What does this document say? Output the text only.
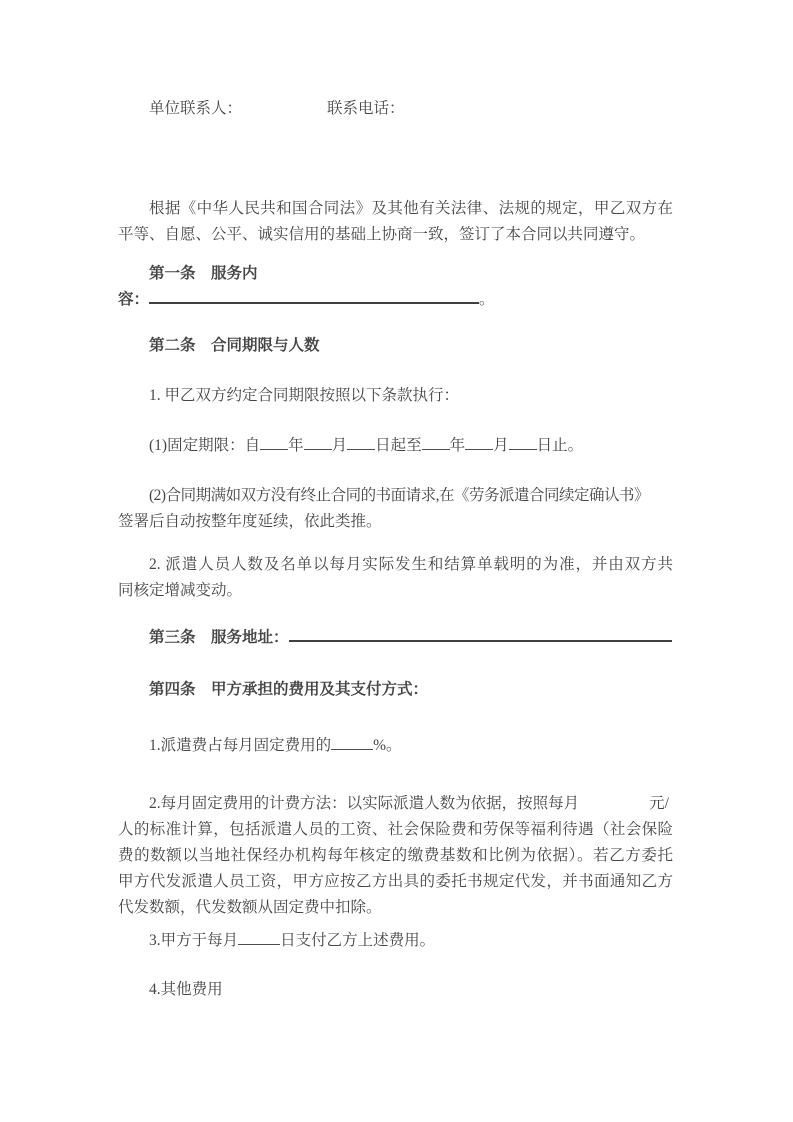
单位联系人：	联系电话：
根据《中华人民共和国合同法》及其他有关法律、法规的规定，甲乙双方在
平等、自愿、公平、诚实信用的基础上协商一致，签订了本合同以共同遵守。
第一条　服务内
容：	。
第二条　合同期限与人数
1. 甲乙双方约定合同期限按照以下条款执行：
(1)固定期限：自 年 月 日起至 年 月 日止。
(2)合同期满如双方没有终止合同的书面请求,在《劳务派遣合同续定确认书》
签署后自动按整年度延续，依此类推。
2. 派遣人员人数及名单以每月实际发生和结算单载明的为准，并由双方共
同核定增减变动。
第三条　服务地址：
第四条　甲方承担的费用及其支付方式：
1.派遣费占每月固定费用的	%。
2.每月固定费用的计费方法：以实际派遣人数为依据，按照每月	元/
人的标准计算，包括派遣人员的工资、社会保险费和劳保等福利待遇（社会保险
费的数额以当地社保经办机构每年核定的缴费基数和比例为依据）。若乙方委托
甲方代发派遣人员工资，甲方应按乙方出具的委托书规定代发，并书面通知乙方
代发数额，代发数额从固定费中扣除。
3.甲方于每月	日支付乙方上述费用。
4.其他费用
